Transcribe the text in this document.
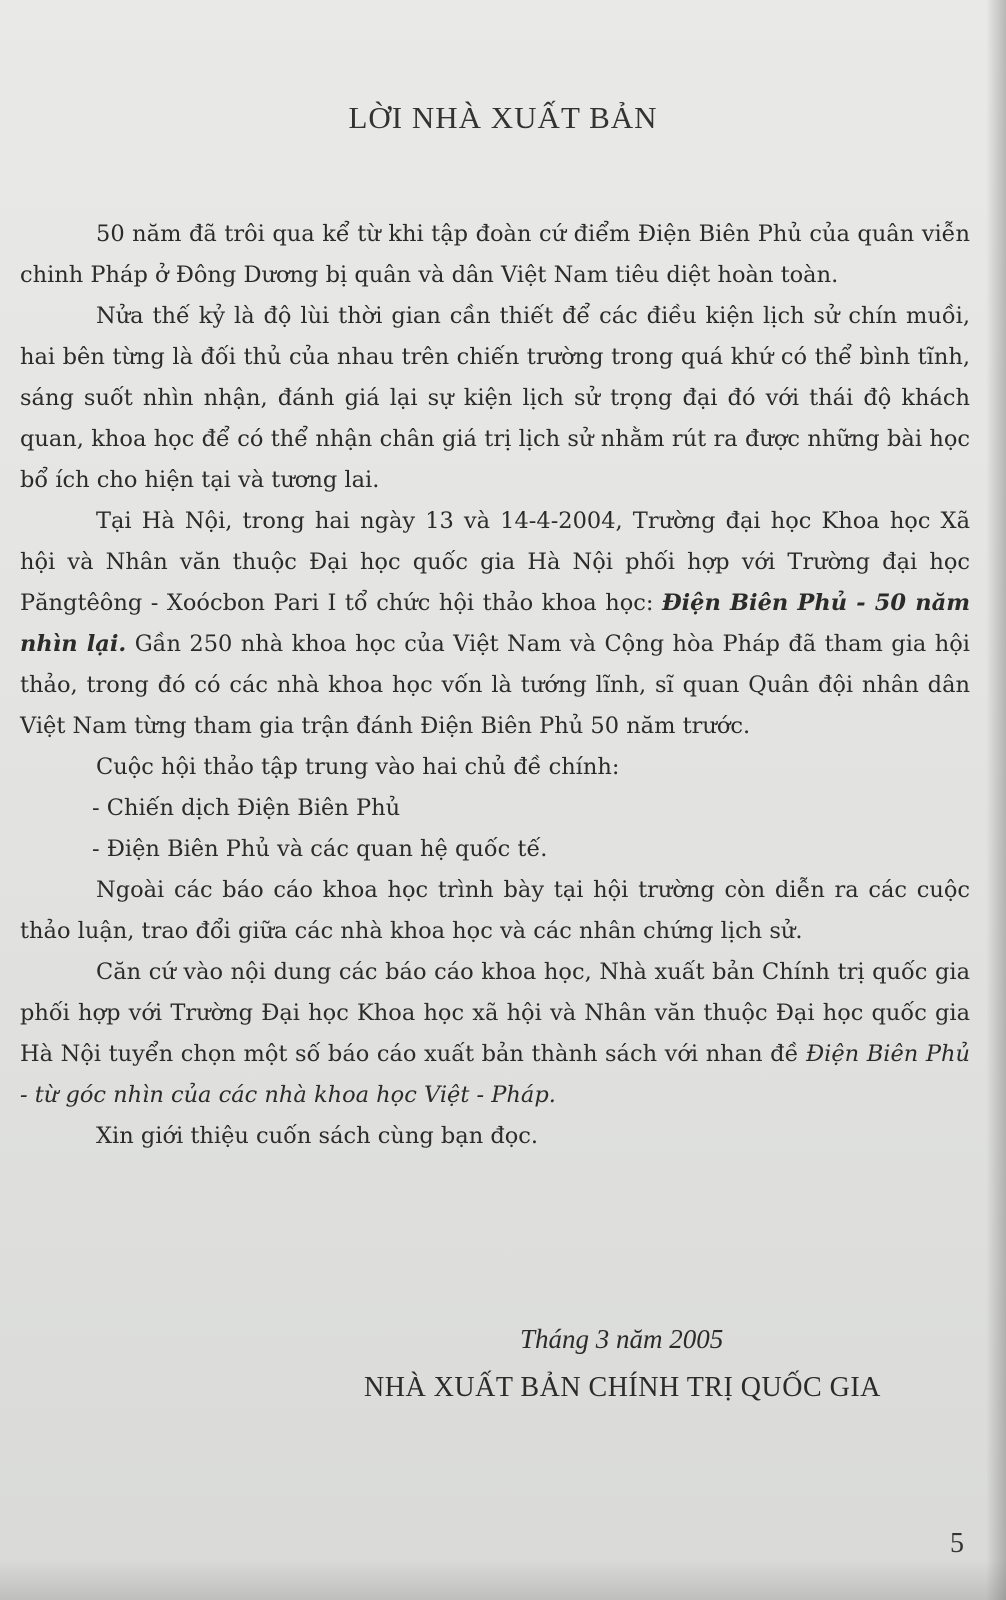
LỜI NHÀ XUẤT BẢN

50 năm đã trôi qua kể từ khi tập đoàn cứ điểm Điện Biên Phủ của quân viễn chinh Pháp ở Đông Dương bị quân và dân Việt Nam tiêu diệt hoàn toàn.

Nửa thế kỷ là độ lùi thời gian cần thiết để các điều kiện lịch sử chín muồi, hai bên từng là đối thủ của nhau trên chiến trường trong quá khứ có thể bình tĩnh, sáng suốt nhìn nhận, đánh giá lại sự kiện lịch sử trọng đại đó với thái độ khách quan, khoa học để có thể nhận chân giá trị lịch sử nhằm rút ra được những bài học bổ ích cho hiện tại và tương lai.

Tại Hà Nội, trong hai ngày 13 và 14-4-2004, Trường đại học Khoa học Xã hội và Nhân văn thuộc Đại học quốc gia Hà Nội phối hợp với Trường đại học Păngtêông - Xoócbon Pari I tổ chức hội thảo khoa học: Điện Biên Phủ - 50 năm nhìn lại. Gần 250 nhà khoa học của Việt Nam và Cộng hòa Pháp đã tham gia hội thảo, trong đó có các nhà khoa học vốn là tướng lĩnh, sĩ quan Quân đội nhân dân Việt Nam từng tham gia trận đánh Điện Biên Phủ 50 năm trước.

Cuộc hội thảo tập trung vào hai chủ đề chính:

- Chiến dịch Điện Biên Phủ

- Điện Biên Phủ và các quan hệ quốc tế.

Ngoài các báo cáo khoa học trình bày tại hội trường còn diễn ra các cuộc thảo luận, trao đổi giữa các nhà khoa học và các nhân chứng lịch sử.

Căn cứ vào nội dung các báo cáo khoa học, Nhà xuất bản Chính trị quốc gia phối hợp với Trường Đại học Khoa học xã hội và Nhân văn thuộc Đại học quốc gia Hà Nội tuyển chọn một số báo cáo xuất bản thành sách với nhan đề Điện Biên Phủ - từ góc nhìn của các nhà khoa học Việt - Pháp.

Xin giới thiệu cuốn sách cùng bạn đọc.

Tháng 3 năm 2005
NHÀ XUẤT BẢN CHÍNH TRỊ QUỐC GIA
5
